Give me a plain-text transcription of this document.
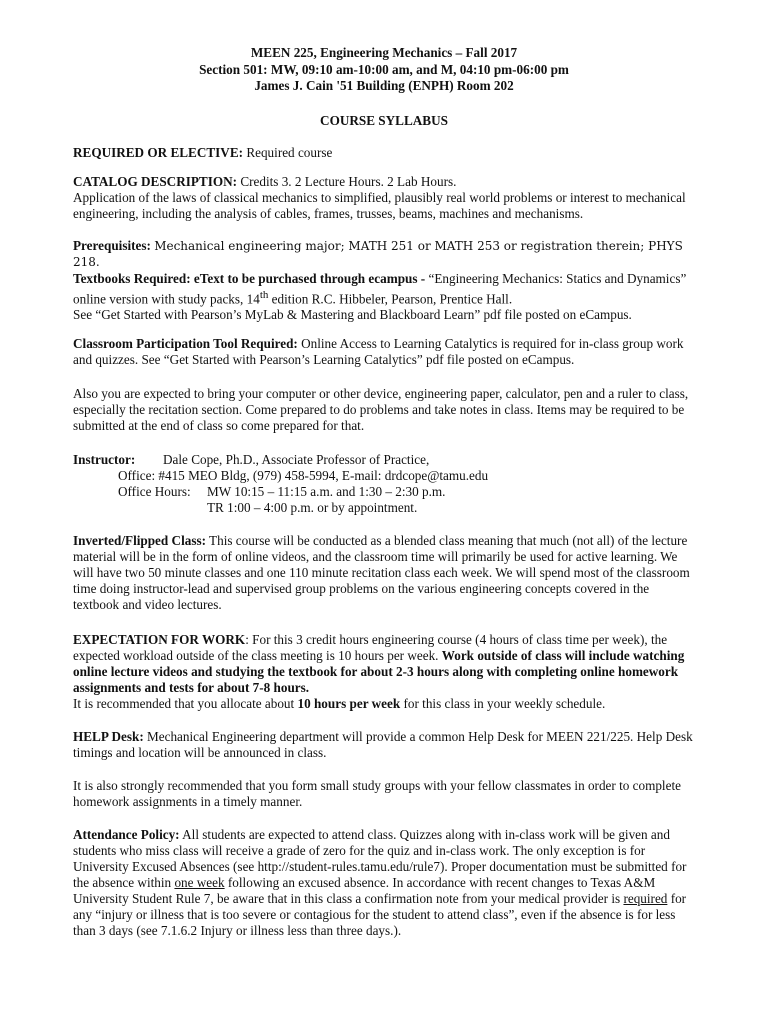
MEEN 225, Engineering Mechanics – Fall 2017
Section 501: MW, 09:10 am-10:00 am, and M, 04:10 pm-06:00 pm
James J. Cain '51 Building (ENPH) Room 202
COURSE SYLLABUS

REQUIRED OR ELECTIVE: Required course

CATALOG DESCRIPTION: Credits 3. 2 Lecture Hours. 2 Lab Hours.

Application of the laws of classical mechanics to simplified, plausibly real world problems or interest to mechanical engineering, including the analysis of cables, frames, trusses, beams, machines and mechanisms.

Prerequisites: Mechanical engineering major; MATH 251 or MATH 253 or registration therein; PHYS 218.

Textbooks Required: eText to be purchased through ecampus - “Engineering Mechanics: Statics and Dynamics” online version with study packs, 14th edition R.C. Hibbeler, Pearson, Prentice Hall.

See “Get Started with Pearson’s MyLab & Mastering and Blackboard Learn” pdf file posted on eCampus.

Classroom Participation Tool Required: Online Access to Learning Catalytics is required for in-class group work and quizzes. See “Get Started with Pearson’s Learning Catalytics” pdf file posted on eCampus.

Also you are expected to bring your computer or other device, engineering paper, calculator, pen and a ruler to class, especially the recitation section. Come prepared to do problems and take notes in class. Items may be required to be submitted at the end of class so come prepared for that.

Instructor:	Dale Cope, Ph.D., Associate Professor of Practice,
Office: #415 MEO Bldg, (979) 458-5994, E-mail: drdcope@tamu.edu
Office Hours:	MW 10:15 – 11:15 a.m. and 1:30 – 2:30 p.m.
TR 1:00 – 4:00 p.m. or by appointment.

Inverted/Flipped Class: This course will be conducted as a blended class meaning that much (not all) of the lecture material will be in the form of online videos, and the classroom time will primarily be used for active learning. We will have two 50 minute classes and one 110 minute recitation class each week. We will spend most of the classroom time doing instructor-lead and supervised group problems on the various engineering concepts covered in the textbook and video lectures.

EXPECTATION FOR WORK: For this 3 credit hours engineering course (4 hours of class time per week), the expected workload outside of the class meeting is 10 hours per week. Work outside of class will include watching online lecture videos and studying the textbook for about 2-3 hours along with completing online homework assignments and tests for about 7-8 hours.

It is recommended that you allocate about 10 hours per week for this class in your weekly schedule.

HELP Desk: Mechanical Engineering department will provide a common Help Desk for MEEN 221/225. Help Desk timings and location will be announced in class.

It is also strongly recommended that you form small study groups with your fellow classmates in order to complete homework assignments in a timely manner.

Attendance Policy: All students are expected to attend class. Quizzes along with in-class work will be given and students who miss class will receive a grade of zero for the quiz and in-class work. The only exception is for University Excused Absences (see http://student-rules.tamu.edu/rule7). Proper documentation must be submitted for the absence within one week following an excused absence. In accordance with recent changes to Texas A&M University Student Rule 7, be aware that in this class a confirmation note from your medical provider is required for any “injury or illness that is too severe or contagious for the student to attend class”, even if the absence is for less than 3 days (see 7.1.6.2 Injury or illness less than three days.).
